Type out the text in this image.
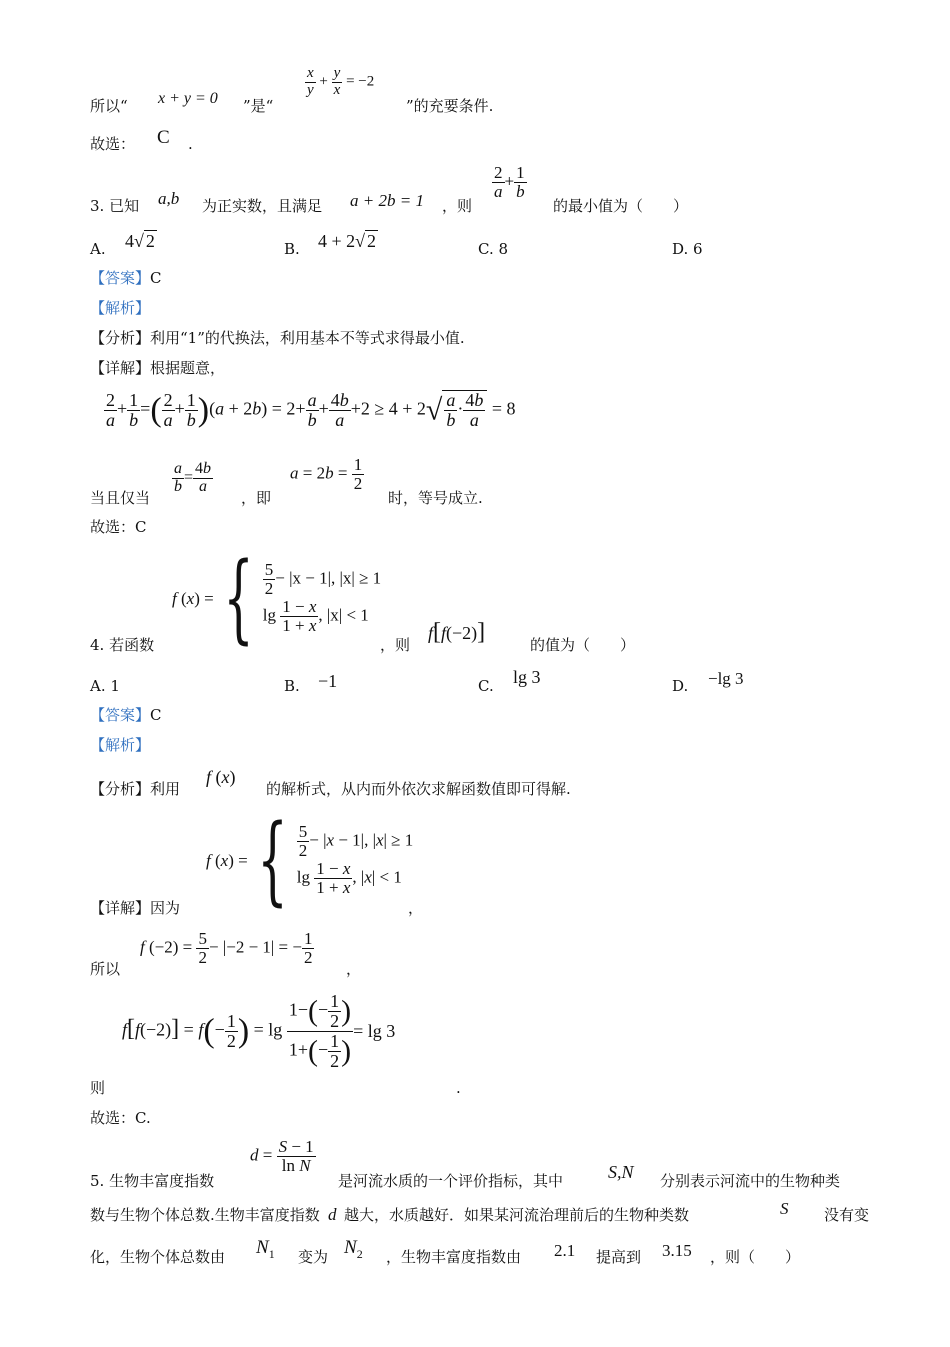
所以“ x + y = 0 ”是“
$\frac{x}{y} + \frac{y}{x} = -2$
”的充要条件.
故选： C .
3. 已知 a,b 为正实数，且满足 a + 2b = 1 ，则
$\frac{2}{a} + \frac{1}{b}$
的最小值为（　　）
A. 4√ 2	B. 4 + 2√ 2	C. 8	D. 6
【答案】C
【解析】
【分析】利用“1”的代换法，利用基本不等式求得最小值.
【详解】根据题意，
$\frac{2}{a} + \frac{1}{b}$ =( $\frac{2}{a} + \frac{1}{b} )(a + 2b) = 2+ \frac{a}{b} + \frac{4b}{a} +2 \ge 4 + 2√ \frac{a}{b} \cdot \frac{4b}{a} = 8$
当且仅当
$\frac{a}{b} = \frac{4b}{a}$
，即
$a = 2b = \frac{1}{2}$
时，等号成立.
故选：C
4. 若函数
f (x) ={ $\frac{5}{2} - |x - 1|$, |x| ≥ 1
$\lg \frac{1 - x}{1 + x}$ , |x| < 1
，则
f[f(−2)]	的值为（　　）
A. 1	B. −1	C. lg 3	D. −lg 3
【答案】C
【解析】
【分析】利用
f (x)
的解析式，从内而外依次求解函数值即可得解.
f (x) ={ $\frac{5}{2} - |x - 1|$, |x| ≥ 1
$\lg \frac{1 - x}{1 + x}$ , |x| < 1
【详解】因为	，
所以
f $(-2) = \frac{5}{2} - |-2 - 1|$ = − $\frac{1}{2}$
，
$f[f(-2)] = f(- \frac{1}{2}$ ) = $\lg \frac{1-(- \frac{1}{2} )}{1+(- \frac{1}{2} )} = \lg 3$
则	.
故选：C.
5. 生物丰富度指数
$d = \frac{S - 1}{\text{ln N}}$
是河流水质的一个评价指标，其中 S,N 分别表示河流中的生物种类
数与生物个体总数.生物丰富度指数 d 越大，水质越好．如果某河流治理前后的生物种类数	S 没有变
化，生物个体总数由 $N_1$ 变为 $N_2$ ，生物丰富度指数由 2.1 提高到 3.15 ，则（　　）
